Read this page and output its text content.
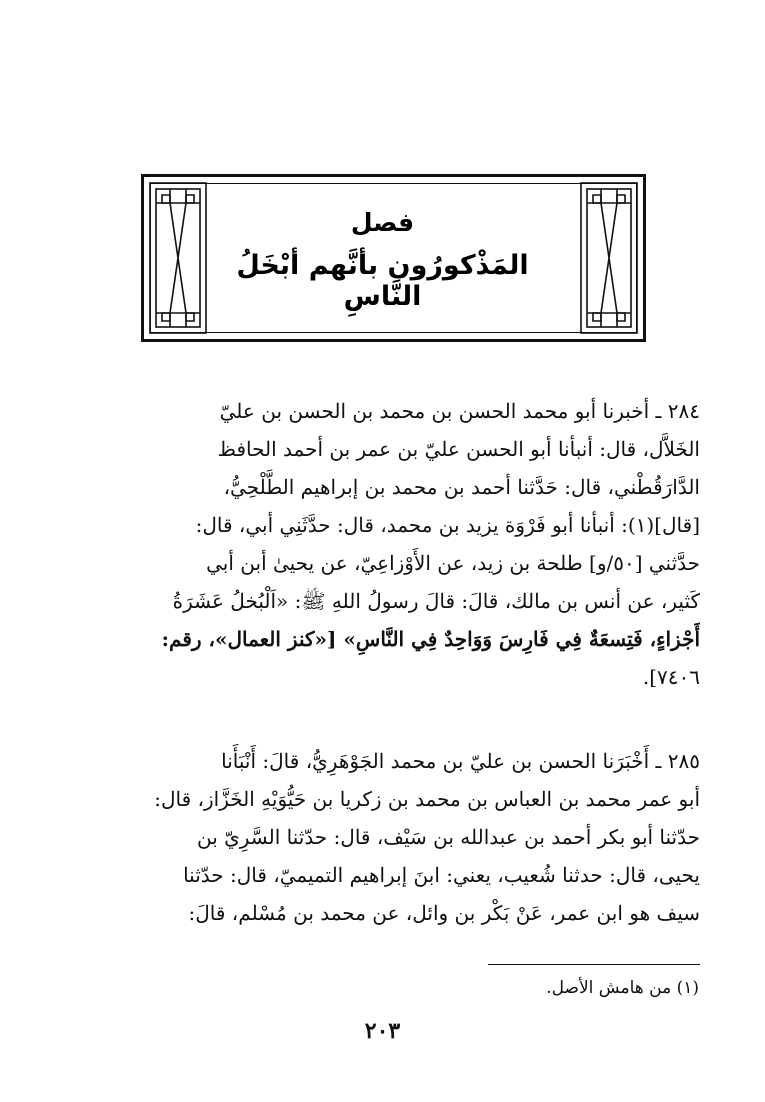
فصل
المَذْكورُون بأنَّهم أبْخَلُ النَّاسِ
٢٨٤ ـ أخبرنا أبو محمد الحسن بن محمد بن الحسن بن عليّ
الخَلاَّل، قال: أنبأنا أبو الحسن عليّ بن عمر بن أحمد الحافظ
الدَّارَقُطْني، قال: حَدَّثنا أحمد بن محمد بن إبراهيم الطَّلْحِيُّ،
[قال](١): أنبأنا أبو فَرْوَة يزيد بن محمد، قال: حدَّثَنِي أبي، قال:
حدَّثني [٥٠/و] طلحة بن زيد، عن الأَوْزاعِيّ، عن يحيىٰ أبن أبي
كَثير، عن أنس بن مالك، قالَ: قالَ رسولُ اللهِ ﷺ: «اَلْبُخلُ عَشَرَةُ
أَجْزاءٍ، فَتِسعَةٌ فِي فَارِسَ وَوَاحِدٌ فِي النَّاسِ» [«كنز العمال»، رقم:
٧٤٠٦].
٢٨٥ ـ أَخْبَرَنا الحسن بن عليّ بن محمد الجَوْهَرِيُّ، قالَ: أَنْبَأَنا
أبو عمر محمد بن العباس بن محمد بن زكريا بن حَيُّوَيْهِ الخَزَّاز، قال:
حدّثنا أبو بكر أحمد بن عبدالله بن سَيْف، قال: حدّثنا السَّرِيّ بن
يحيى، قال: حدثنا شُعيب، يعني: ابنَ إبراهيم التميميّ، قال: حدّثنا
سيف هو ابن عمر، عَنْ بَكْر بن وائل، عن محمد بن مُسْلم، قالَ:
(١) من هامش الأصل.
٢٠٣
